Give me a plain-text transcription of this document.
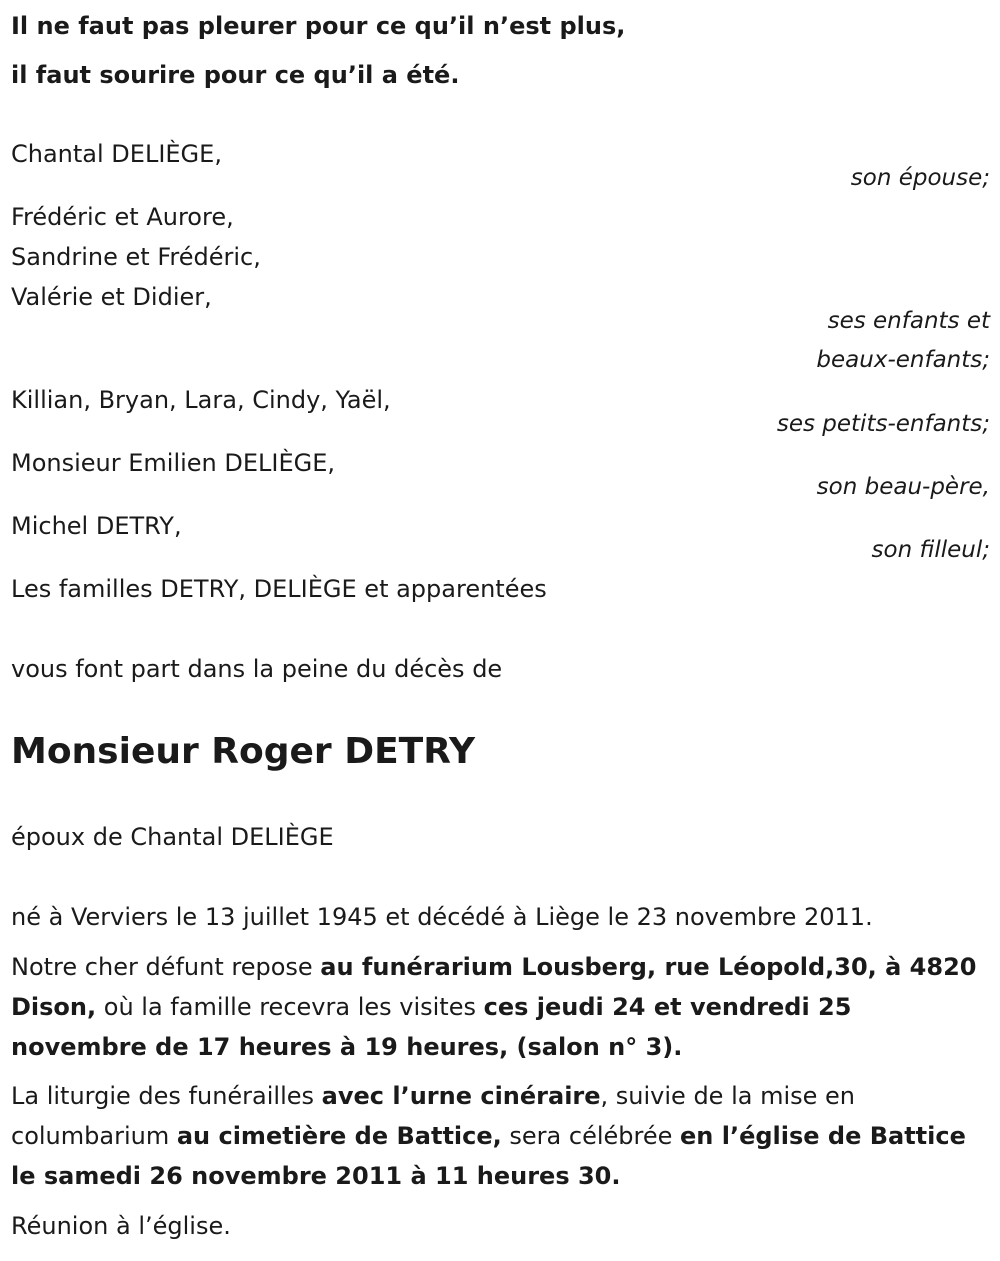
Il ne faut pas pleurer pour ce qu’il n’est plus,

il faut sourire pour ce qu’il a été.

Chantal DELIÈGE,

son épouse;

Frédéric et Aurore,

Sandrine et Frédéric,

Valérie et Didier,

ses enfants et

beaux-enfants;

Killian, Bryan, Lara, Cindy, Yaël,

ses petits-enfants;

Monsieur Emilien DELIÈGE,

son beau-père,

Michel DETRY,

son filleul;

Les familles DETRY, DELIÈGE et apparentées

vous font part dans la peine du décès de

Monsieur Roger DETRY

époux de Chantal DELIÈGE

né à Verviers le 13 juillet 1945 et décédé à Liège le 23 novembre 2011.

Notre cher défunt repose au funérarium Lousberg, rue Léopold,30, à 4820 Dison, où la famille recevra les visites ces jeudi 24 et vendredi 25 novembre de 17 heures à 19 heures, (salon n° 3).

La liturgie des funérailles avec l’urne cinéraire, suivie de la mise en columbarium au cimetière de Battice, sera célébrée en l’église de Battice le samedi 26 novembre 2011 à 11 heures 30.

Réunion à l’église.
